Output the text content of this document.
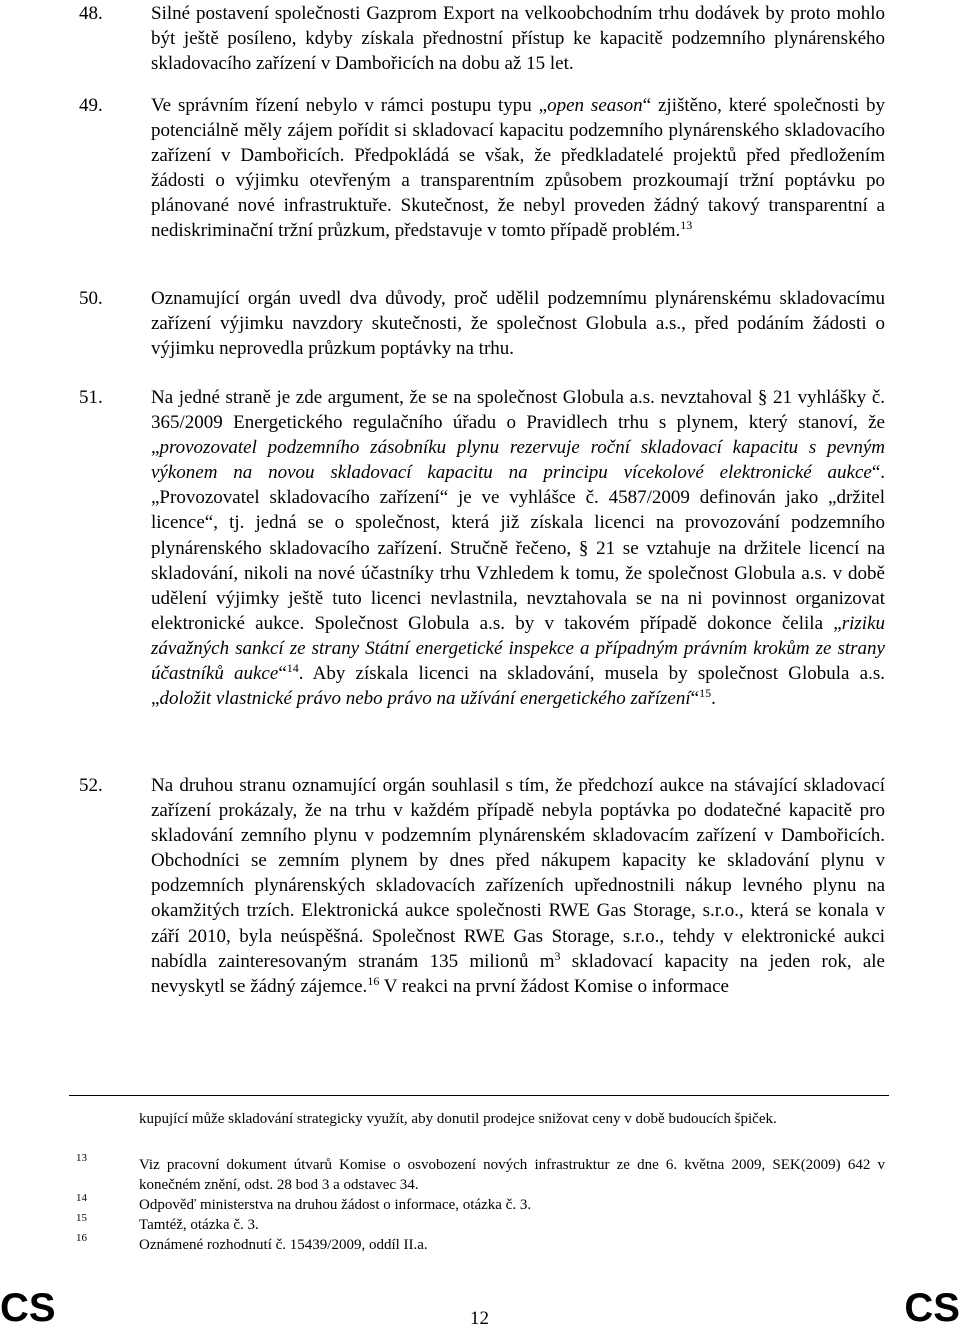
48.	Silné postavení společnosti Gazprom Export na velkoobchodním trhu dodávek by proto mohlo být ještě posíleno, kdyby získala přednostní přístup ke kapacitě podzemního plynárenského skladovacího zařízení v Dambořicích na dobu až 15 let.
49.	Ve správním řízení nebylo v rámci postupu typu „open season“ zjištěno, které společnosti by potenciálně měly zájem pořídit si skladovací kapacitu podzemního plynárenského skladovacího zařízení v Dambořicích. Předpokládá se však, že předkladatelé projektů před předložením žádosti o výjimku otevřeným a transparentním způsobem prozkoumají tržní poptávku po plánované nové infrastruktuře. Skutečnost, že nebyl proveden žádný takový transparentní a nediskriminační tržní průzkum, představuje v tomto případě problém.$^{13}$
50.	Oznamující orgán uvedl dva důvody, proč udělil podzemnímu plynárenskému skladovacímu zařízení výjimku navzdory skutečnosti, že společnost Globula a.s., před podáním žádosti o výjimku neprovedla průzkum poptávky na trhu.
51.	Na jedné straně je zde argument, že se na společnost Globula a.s. nevztahoval § 21 vyhlášky č. 365/2009 Energetického regulačního úřadu o Pravidlech trhu s plynem, který stanoví, že „provozovatel podzemního zásobníku plynu rezervuje roční skladovací kapacitu s pevným výkonem na novou skladovací kapacitu na principu vícekolové elektronické aukce“. „Provozovatel skladovacího zařízení“ je ve vyhlášce č. 4587/2009 definován jako „držitel licence“, tj. jedná se o společnost, která již získala licenci na provozování podzemního plynárenského skladovacího zařízení. Stručně řečeno, § 21 se vztahuje na držitele licencí na skladování, nikoli na nové účastníky trhu Vzhledem k tomu, že společnost Globula a.s. v době udělení výjimky ještě tuto licenci nevlastnila, nevztahovala se na ni povinnost organizovat elektronické aukce. Společnost Globula a.s. by v takovém případě dokonce čelila „riziku závažných sankcí ze strany Státní energetické inspekce a případným právním krokům ze strany účastníků aukce“$^{14}$. Aby získala licenci na skladování, musela by společnost Globula a.s. „doložit vlastnické právo nebo právo na užívání energetického zařízení“$^{15}$.
52.	Na druhou stranu oznamující orgán souhlasil s tím, že předchozí aukce na stávající skladovací zařízení prokázaly, že na trhu v každém případě nebyla poptávka po dodatečné kapacitě pro skladování zemního plynu v podzemním plynárenském skladovacím zařízení v Dambořicích. Obchodníci se zemním plynem by dnes před nákupem kapacity ke skladování plynu v podzemních plynárenských skladovacích zařízeních upřednostnili nákup levného plynu na okamžitých trzích. Elektronická aukce společnosti RWE Gas Storage, s.r.o., která se konala v září 2010, byla neúspěšná. Společnost RWE Gas Storage, s.r.o., tehdy v elektronické aukci nabídla zainteresovaným stranám 135 milionů $m^3$ skladovací kapacity na jeden rok, ale nevyskytl se žádný zájemce.$^{16}$ V reakci na první žádost Komise o informace
kupující může skladování strategicky využít, aby donutil prodejce snižovat ceny v době budoucích špiček.
13	Viz pracovní dokument útvarů Komise o osvobození nových infrastruktur ze dne 6. května 2009, SEK(2009) 642 v konečném znění, odst. 28 bod 3 a odstavec 34.
14	Odpověď ministerstva na druhou žádost o informace, otázka č. 3.
15	Tamtéž, otázka č. 3.
16	Oznámené rozhodnutí č. 15439/2009, oddíl II.a.
CS	12	CS
